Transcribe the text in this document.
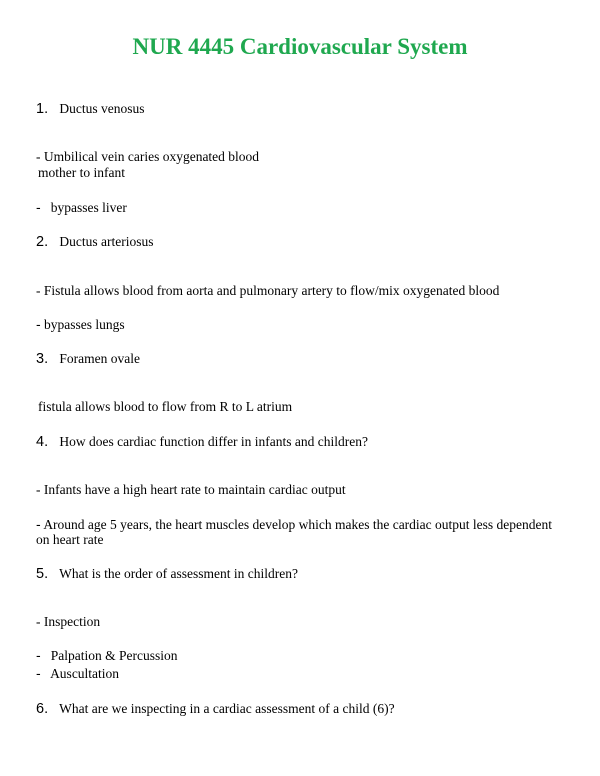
NUR 4445 Cardiovascular System
1. Ductus venosus
- Umbilical vein caries oxygenated blood
mother to infant
- bypasses liver
2. Ductus arteriosus
- Fistula allows blood from aorta and pulmonary artery to flow/mix oxygenated blood
- bypasses lungs
3. Foramen ovale
fistula allows blood to flow from R to L atrium
4. How does cardiac function differ in infants and children?
- Infants have a high heart rate to maintain cardiac output
- Around age 5 years, the heart muscles develop which makes the cardiac output less dependent
on heart rate
5. What is the order of assessment in children?
- Inspection
- Palpation & Percussion
- Auscultation
6. What are we inspecting in a cardiac assessment of a child (6)?
